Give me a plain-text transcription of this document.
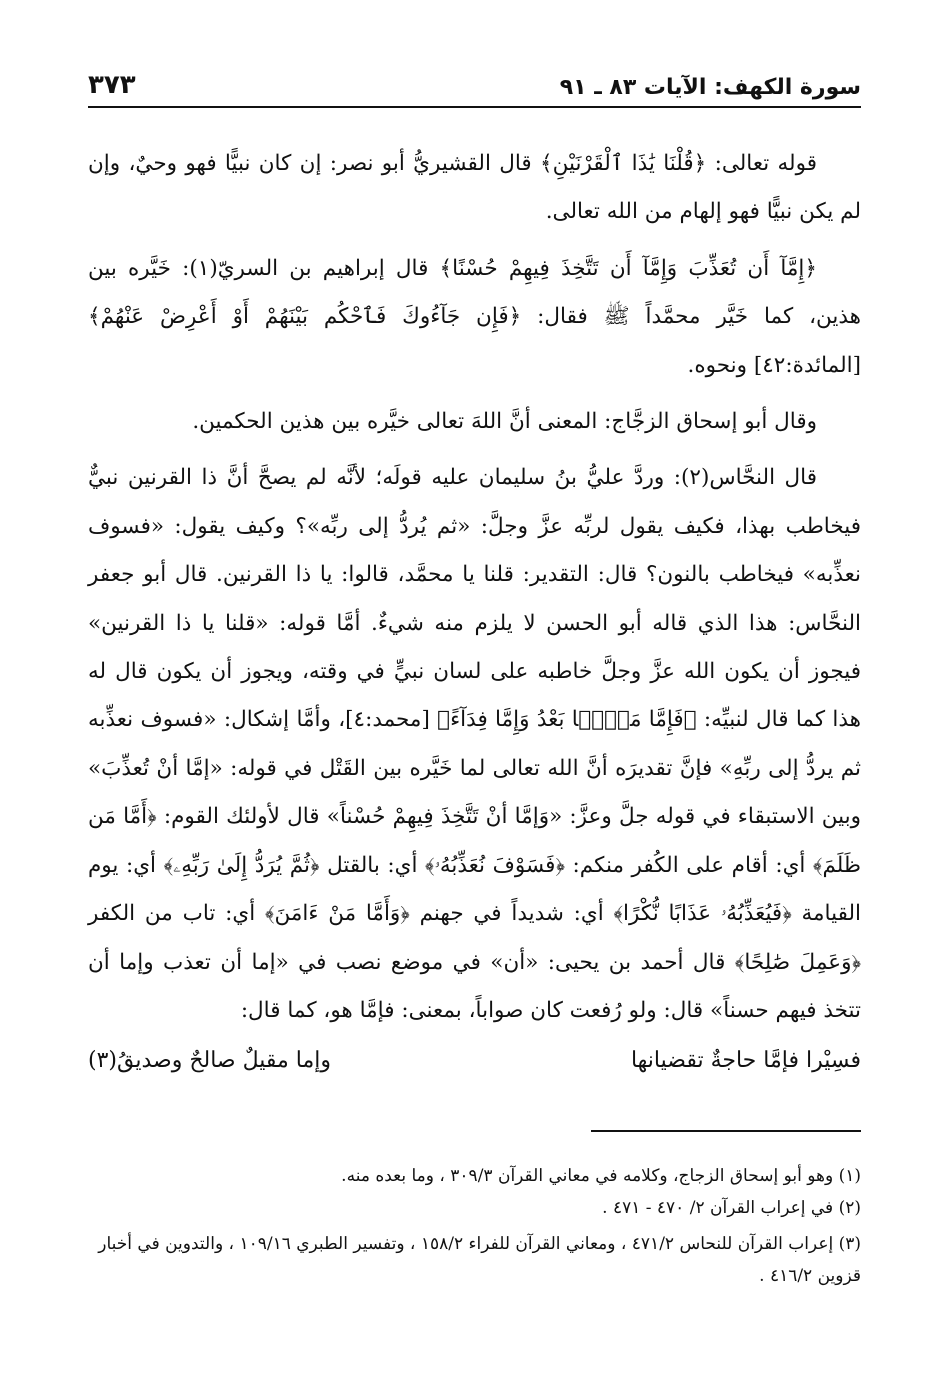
٣٧٣	سورة الكهف: الآيات ٨٣ ـ ٩١

قوله تعالى: ﴿قُلْنَا يَٰذَا ٱلْقَرْنَيْنِ﴾ قال القشيريُّ أبو نصر: إن كان نبيًّا فهو وحيٌ، وإن لم يكن نبيًّا فهو إلهام من الله تعالى.

﴿إِمَّآ أَن تُعَذِّبَ وَإِمَّآ أَن تَتَّخِذَ فِيهِمْ حُسْنًا﴾ قال إبراهيم بن السريّ(١): خَيَّره بين هذين، كما خَيَّر محمَّداً ﷺ فقال: ﴿فَإِن جَآءُوكَ فَٱحْكُم بَيْنَهُمْ أَوْ أَعْرِضْ عَنْهُمْ﴾ [المائدة:٤٢] ونحوه.

وقال أبو إسحاق الزجَّاج: المعنى أنَّ اللهَ تعالى خيَّره بين هذين الحكمين.

قال النحَّاس(٢): وردَّ عليُّ بنُ سليمان عليه قولَه؛ لأنَّه لم يصحَّ أنَّ ذا القرنين نبيٌّ فيخاطب بهذا، فكيف يقول لربِّه عزَّ وجلَّ: «ثم يُردُّ إلى ربِّه»؟ وكيف يقول: «فسوف نعذِّبه» فيخاطب بالنون؟ قال: التقدير: قلنا يا محمَّد، قالوا: يا ذا القرنين. قال أبو جعفر النحَّاس: هذا الذي قاله أبو الحسن لا يلزم منه شيءٌ. أمَّا قوله: «قلنا يا ذا القرنين» فيجوز أن يكون الله عزَّ وجلَّ خاطبه على لسان نبيٍّ في وقته، ويجوز أن يكون قال له هذا كما قال لنبيِّه: ﴿فَإِمَّا مَنًّۢا بَعْدُ وَإِمَّا فِدَآءً﴾ [محمد:٤]، وأمَّا إشكال: «فسوف نعذِّبه ثم يردُّ إلى ربِّهِ» فإنَّ تقديرَه أنَّ الله تعالى لما خَيَّره بين القَتْل في قوله: «إمَّا أنْ تُعذِّبَ» وبين الاستبقاء في قوله جلَّ وعزَّ: «وَإمَّا أنْ تَتَّخِذَ فِيهِمْ حُسْناً» قال لأولئك القوم: ﴿أَمَّا مَن ظَلَمَ﴾ أي: أقام على الكُفر منكم: ﴿فَسَوْفَ نُعَذِّبُهُۥ﴾ أي: بالقتل ﴿ثُمَّ يُرَدُّ إِلَىٰ رَبِّهِۦ﴾ أي: يوم القيامة ﴿فَيُعَذِّبُهُۥ عَذَابًا نُّكْرًا﴾ أي: شديداً في جهنم ﴿وَأَمَّا مَنْ ءَامَنَ﴾ أي: تاب من الكفر ﴿وَعَمِلَ صَٰلِحًا﴾ قال أحمد بن يحيى: «أن» في موضع نصب في «إما أن تعذب وإما أن تتخذ فيهم حسناً» قال: ولو رُفعت كان صواباً، بمعنى: فإمَّا هو، كما قال:

فسِيْرا فإمَّا حاجةٌ تقضيانها
وإما مقيلٌ صالحٌ وصديقُ(٣)

(١) وهو أبو إسحاق الزجاج، وكلامه في معاني القرآن ٣٠٩/٣ ، وما بعده منه.

(٢) في إعراب القرآن ٢/ ٤٧٠ - ٤٧١ .

(٣) إعراب القرآن للنحاس ٤٧١/٢ ، ومعاني القرآن للفراء ١٥٨/٢ ، وتفسير الطبري ١٠٩/١٦ ، والتدوين في أخبار قزوين ٤١٦/٢ .
